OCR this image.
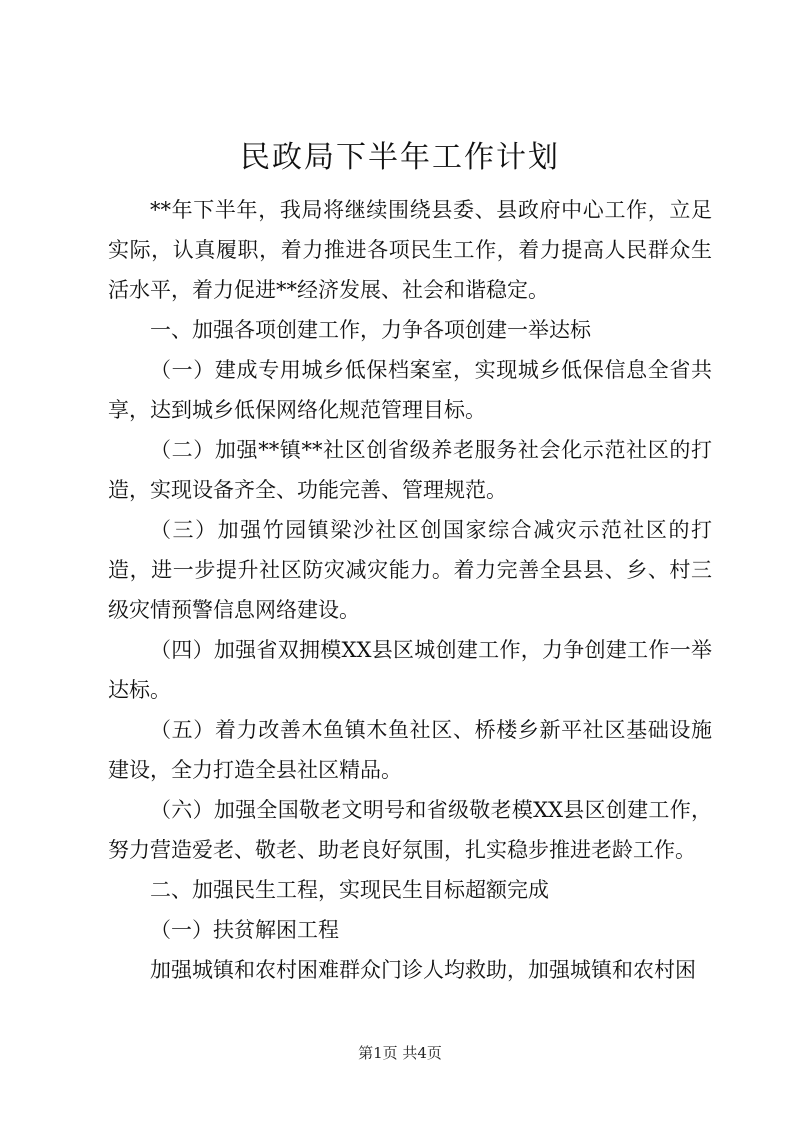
民政局下半年工作计划

**年下半年，我局将继续围绕县委、县政府中心工作，立足实际，认真履职，着力推进各项民生工作，着力提高人民群众生活水平，着力促进**经济发展、社会和谐稳定。

一、加强各项创建工作，力争各项创建一举达标

（一）建成专用城乡低保档案室，实现城乡低保信息全省共享，达到城乡低保网络化规范管理目标。

（二）加强**镇**社区创省级养老服务社会化示范社区的打造，实现设备齐全、功能完善、管理规范。

（三）加强竹园镇梁沙社区创国家综合减灾示范社区的打造，进一步提升社区防灾减灾能力。着力完善全县县、乡、村三级灾情预警信息网络建设。

（四）加强省双拥模XX县区城创建工作，力争创建工作一举达标。

（五）着力改善木鱼镇木鱼社区、桥楼乡新平社区基础设施建设，全力打造全县社区精品。

（六）加强全国敬老文明号和省级敬老模XX县区创建工作，努力营造爱老、敬老、助老良好氛围，扎实稳步推进老龄工作。

二、加强民生工程，实现民生目标超额完成

（一）扶贫解困工程

加强城镇和农村困难群众门诊人均救助，加强城镇和农村困

第1页 共4页
